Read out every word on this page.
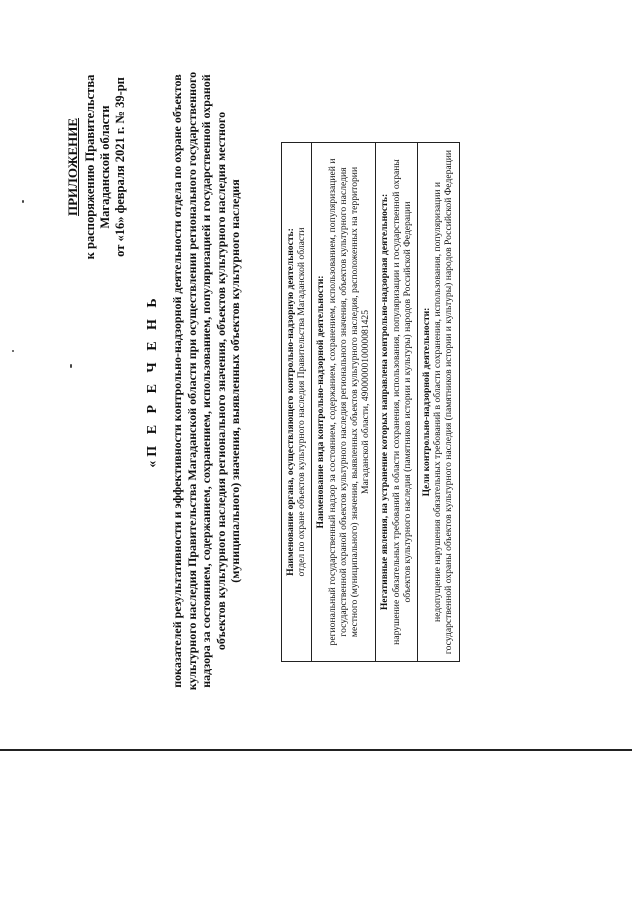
ПРИЛОЖЕНИЕ к распоряжению Правительства Магаданской области от «16» февраля 2021 г. № 39-рп
«П Е Р Е Ч Е Н Ь показателей результативности и эффективности контрольно-надзорной деятельности отдела по охране объектов культурного наследия Правительства Магаданской области при осуществлении регионального государственного надзора за состоянием, содержанием, сохранением, использованием, популяризацией и государственной охраной объектов культурного наследия регионального значения, объектов культурного наследия местного (муниципального) значения, выявленных объектов культурного наследия	Наименование органа, осуществляющего контрольно-надзорную деятельность: отдел по охране объектов культурного наследия Правительства Магаданской области

Наименование вида контрольно-надзорной деятельности: региональный государственный надзор за состоянием, содержанием, сохранением, использованием, популяризацией и государственной охраной объектов культурного наследия регионального значения, объектов культурного наследия местного (муниципального) значения, выявленных объектов культурного наследия, расположенных на территории Магаданской области, 4900000010000081425

Негативные явления, на устранение которых направлена контрольно-надзорная деятельность: нарушение обязательных требований в области сохранения, использования, популяризации и государственной охраны объектов культурного наследия (памятников истории и культуры) народов Российской Федерации

Цели контрольно-надзорной деятельности: недопущение нарушения обязательных требований в области сохранения, использования, популяризации и государственной охраны объектов культурного наследия (памятников истории и культуры) народов Российской Федерации
